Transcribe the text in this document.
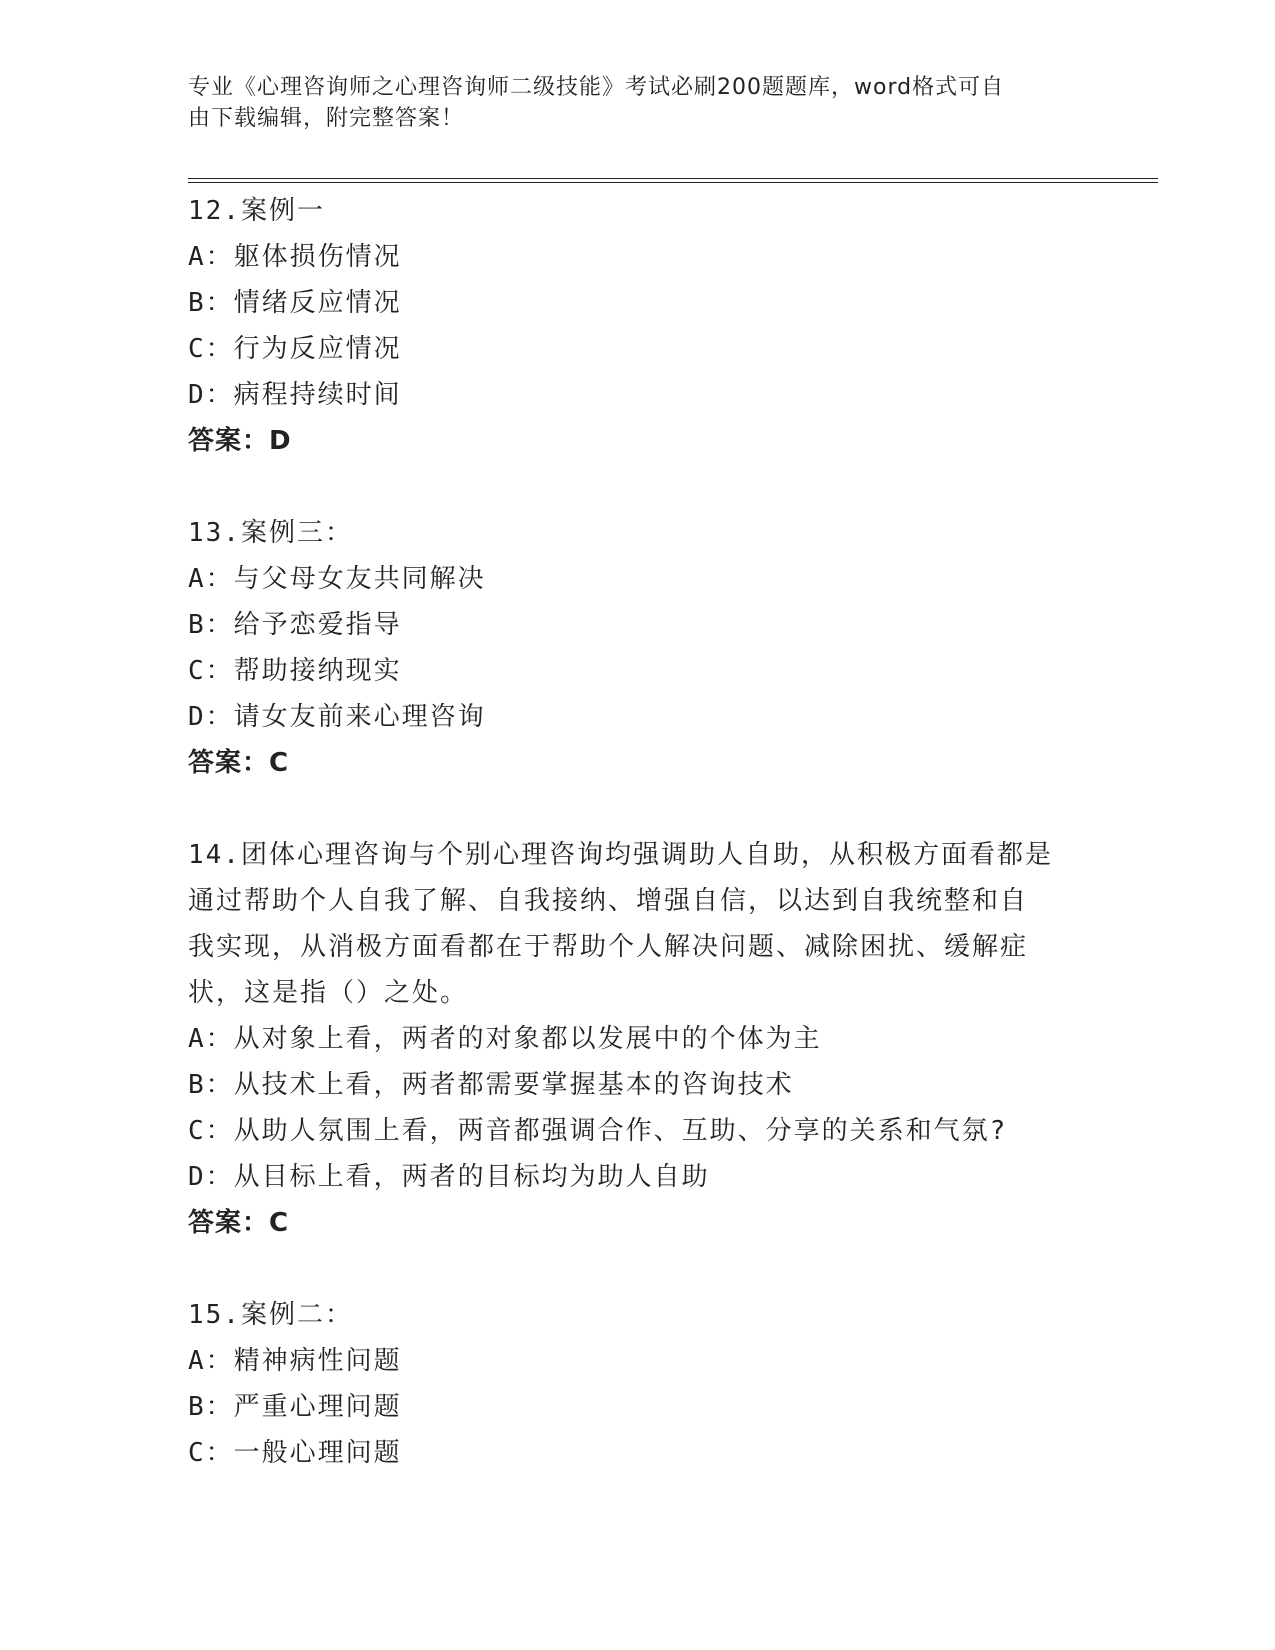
专业《心理咨询师之心理咨询师二级技能》考试必刷200题题库，word格式可自
由下载编辑，附完整答案！

12.案例一

A：躯体损伤情况

B：情绪反应情况

C：行为反应情况

D：病程持续时间

答案：D

13.案例三：

A：与父母女友共同解决

B：给予恋爱指导

C：帮助接纳现实

D：请女友前来心理咨询

答案：C

14.团体心理咨询与个别心理咨询均强调助人自助，从积极方面看都是

通过帮助个人自我了解、自我接纳、增强自信，以达到自我统整和自

我实现，从消极方面看都在于帮助个人解决问题、减除困扰、缓解症

状，这是指（）之处。

A：从对象上看，两者的对象都以发展中的个体为主

B：从技术上看，两者都需要掌握基本的咨询技术

C：从助人氛围上看，两音都强调合作、互助、分享的关系和气氛?

D：从目标上看，两者的目标均为助人自助

答案：C

15.案例二：

A：精神病性问题

B：严重心理问题

C：一般心理问题
